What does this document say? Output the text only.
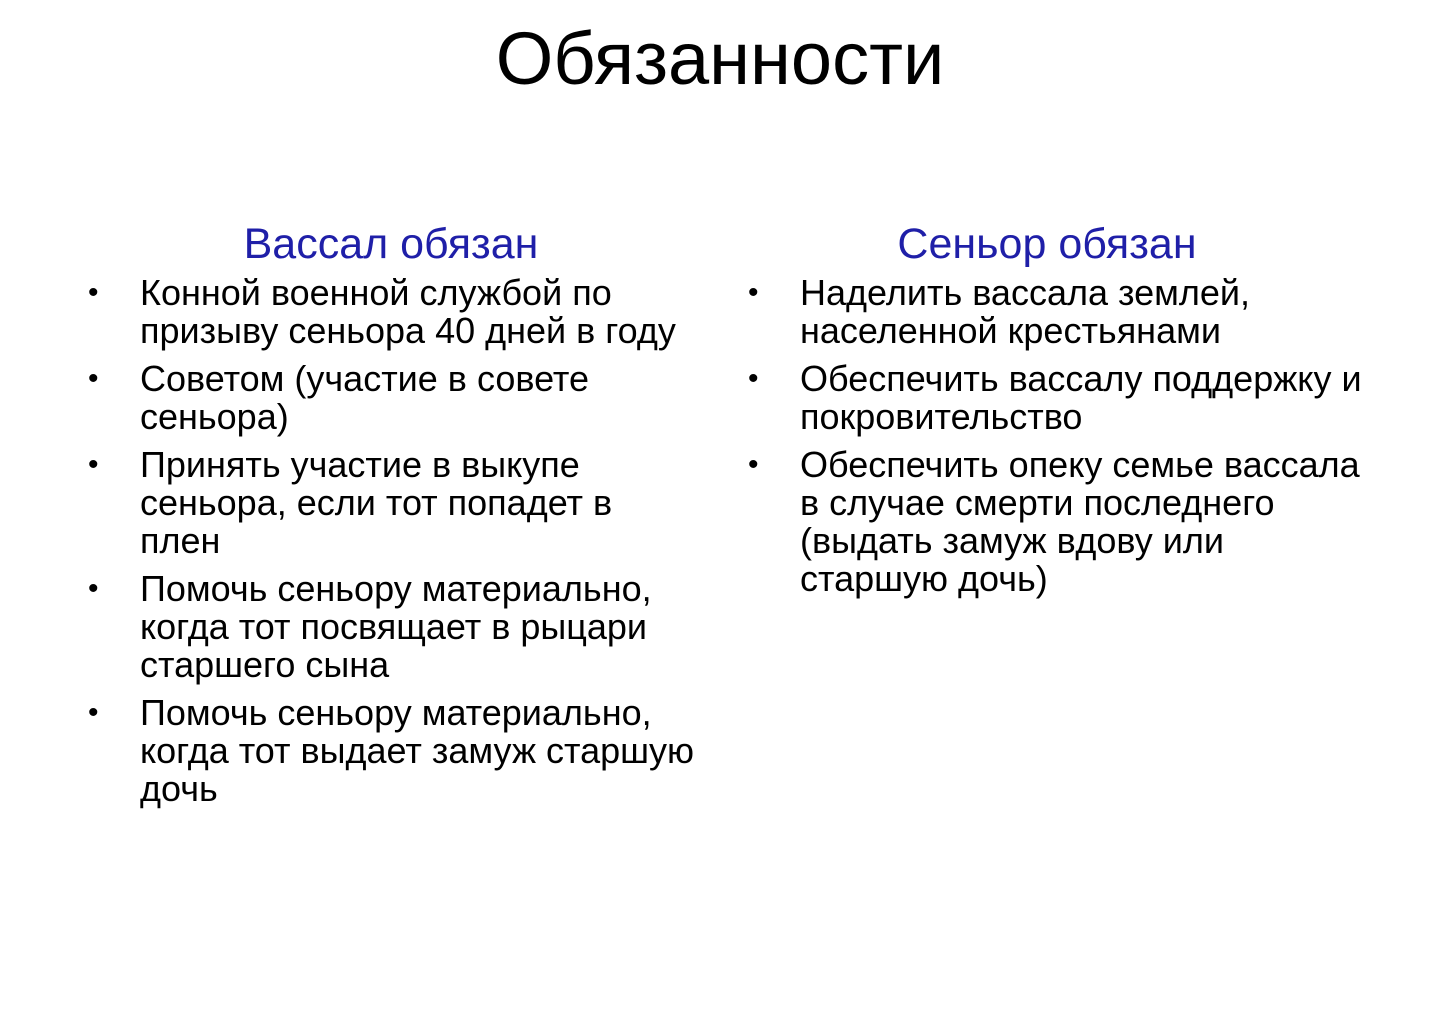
Обязанности
Вассал обязан
• Конной военной службой по призыву сеньора 40 дней в году
• Советом (участие в совете сеньора)
• Принять участие в выкупе сеньора, если тот попадет в плен
• Помочь сеньору материально, когда тот посвящает в рыцари старшего сына
• Помочь сеньору материально, когда тот выдает замуж старшую дочь
Сеньор обязан
• Наделить вассала землей, населенной крестьянами
• Обеспечить вассалу поддержку и покровительство
• Обеспечить опеку семье вассала в случае смерти последнего (выдать замуж вдову или старшую дочь)
